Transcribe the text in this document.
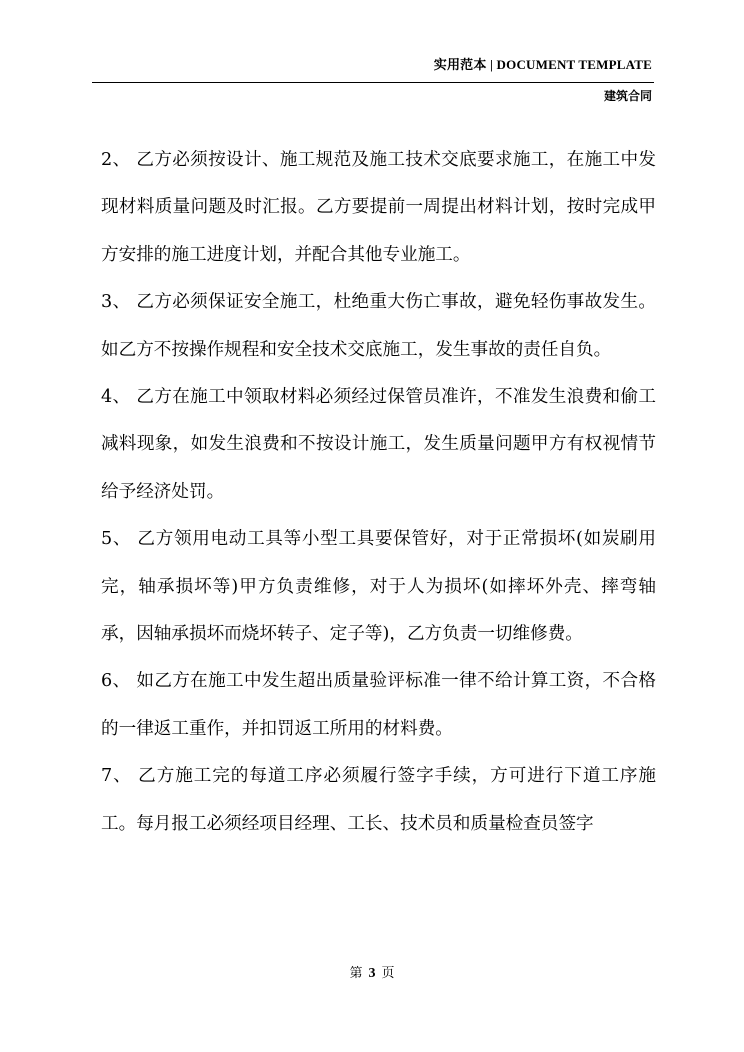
实用范本 | DOCUMENT TEMPLATE
建筑合同

2、 乙方必须按设计、施工规范及施工技术交底要求施工，在施工中发现材料质量问题及时汇报。乙方要提前一周提出材料计划，按时完成甲方安排的施工进度计划，并配合其他专业施工。

3、 乙方必须保证安全施工，杜绝重大伤亡事故，避免轻伤事故发生。如乙方不按操作规程和安全技术交底施工，发生事故的责任自负。

4、 乙方在施工中领取材料必须经过保管员准许，不准发生浪费和偷工减料现象，如发生浪费和不按设计施工，发生质量问题甲方有权视情节给予经济处罚。

5、 乙方领用电动工具等小型工具要保管好，对于正常损坏(如炭刷用完，轴承损坏等)甲方负责维修，对于人为损坏(如摔坏外壳、摔弯轴承，因轴承损坏而烧坏转子、定子等)，乙方负责一切维修费。

6、 如乙方在施工中发生超出质量验评标准一律不给计算工资，不合格的一律返工重作，并扣罚返工所用的材料费。

7、 乙方施工完的每道工序必须履行签字手续，方可进行下道工序施工。每月报工必须经项目经理、工长、技术员和质量检查员签字

第 3 页
